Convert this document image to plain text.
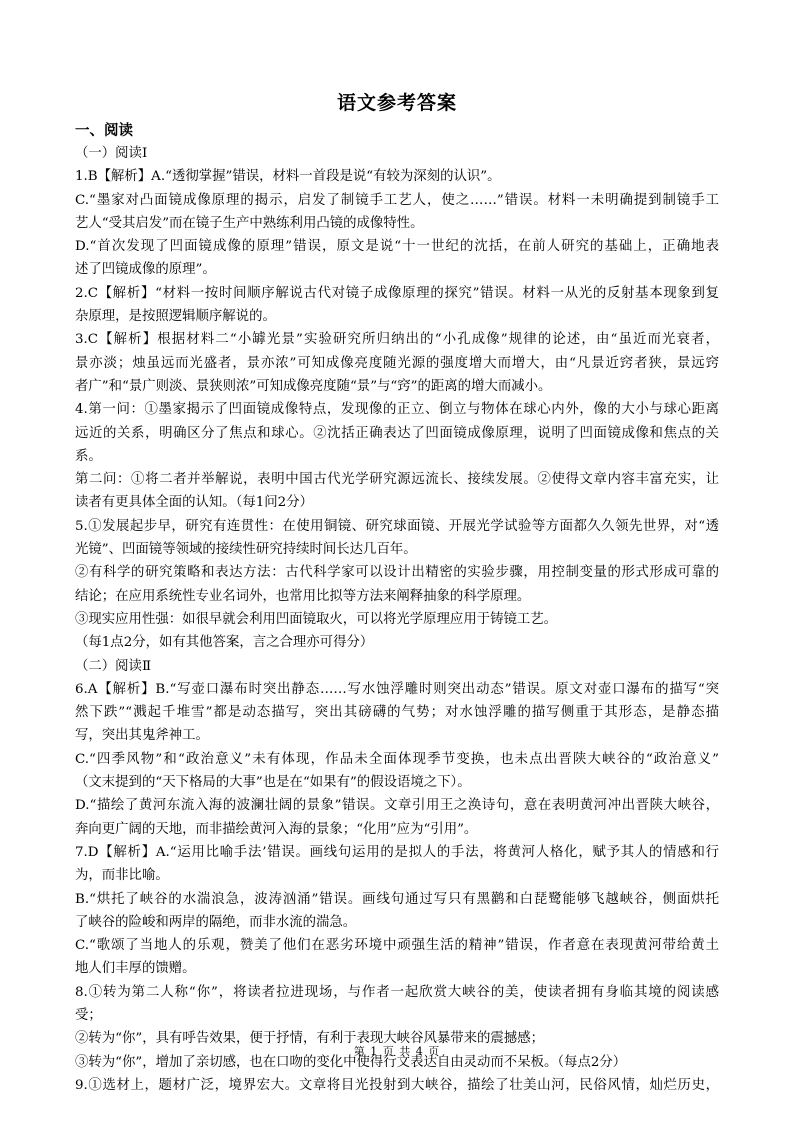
语文参考答案
一、阅读
（一）阅读Ⅰ
1.B【解析】A.“透彻掌握”错误，材料一首段是说“有较为深刻的认识”。
C.“墨家对凸面镜成像原理的揭示，启发了制镜手工艺人，使之……”错误。材料一未明确提到制镜手工
艺人“受其启发”而在镜子生产中熟练利用凸镜的成像特性。
D.“首次发现了凹面镜成像的原理”错误，原文是说“十一世纪的沈括，在前人研究的基础上，正确地表
述了凹镜成像的原理”。
2.C【解析】“材料一按时间顺序解说古代对镜子成像原理的探究”错误。材料一从光的反射基本现象到复
杂原理，是按照逻辑顺序解说的。
3.C【解析】根据材料二“小罅光景”实验研究所归纳出的“小孔成像”规律的论述，由“虽近而光衰者，
景亦淡；烛虽远而光盛者，景亦浓”可知成像亮度随光源的强度增大而增大，由“凡景近窍者狭，景远窍
者广”和“景广则淡、景狭则浓”可知成像亮度随“景”与“窍”的距离的增大而减小。
4.第一问：①墨家揭示了凹面镜成像特点，发现像的正立、倒立与物体在球心内外，像的大小与球心距离
远近的关系，明确区分了焦点和球心。②沈括正确表达了凹面镜成像原理，说明了凹面镜成像和焦点的关
系。
第二问：①将二者并举解说，表明中国古代光学研究源远流长、接续发展。②使得文章内容丰富充实，让
读者有更具体全面的认知。（每1问2分）
5.①发展起步早，研究有连贯性：在使用铜镜、研究球面镜、开展光学试验等方面都久久领先世界，对“透
光镜”、凹面镜等领域的接续性研究持续时间长达几百年。
②有科学的研究策略和表达方法：古代科学家可以设计出精密的实验步骤，用控制变量的形式形成可靠的
结论；在应用系统性专业名词外，也常用比拟等方法来阐释抽象的科学原理。
③现实应用性强：如很早就会利用凹面镜取火，可以将光学原理应用于铸镜工艺。
（每1点2分，如有其他答案，言之合理亦可得分）
（二）阅读Ⅱ
6.A【解析】B.“写壶口瀑布时突出静态……写水蚀浮雕时则突出动态”错误。原文对壶口瀑布的描写“突
然下跌”“溅起千堆雪”都是动态描写，突出其磅礴的气势；对水蚀浮雕的描写侧重于其形态，是静态描
写，突出其鬼斧神工。
C.“四季风物”和“政治意义”未有体现，作品未全面体现季节变换，也未点出晋陕大峡谷的“政治意义”
（文末提到的“天下格局的大事”也是在“如果有”的假设语境之下）。
D.“描绘了黄河东流入海的波澜壮阔的景象”错误。文章引用王之涣诗句，意在表明黄河冲出晋陕大峡谷，
奔向更广阔的天地，而非描绘黄河入海的景象；“化用”应为“引用”。
7.D【解析】A.“运用比喻手法’错误。画线句运用的是拟人的手法，将黄河人格化，赋予其人的情感和行
为，而非比喻。
B.“烘托了峡谷的水湍浪急，波涛汹涌”错误。画线句通过写只有黑鹳和白琵鹭能够飞越峡谷，侧面烘托
了峡谷的险峻和两岸的隔绝，而非水流的湍急。
C.“歌颂了当地人的乐观，赞美了他们在恶劣环境中顽强生活的精神”错误，作者意在表现黄河带给黄土
地人们丰厚的馈赠。
8.①转为第二人称“你”，将读者拉进现场，与作者一起欣赏大峡谷的美，使读者拥有身临其境的阅读感
受；
②转为“你”，具有呼告效果，便于抒情，有利于表现大峡谷风暴带来的震撼感；
③转为“你”，增加了亲切感，也在口吻的变化中使得行文表达自由灵动而不呆板。（每点2分）
9.①选材上，题材广泛，境界宏大。文章将目光投射到大峡谷，描绘了壮美山河，民俗风情，灿烂历史，
第 1 页 共 4 页
